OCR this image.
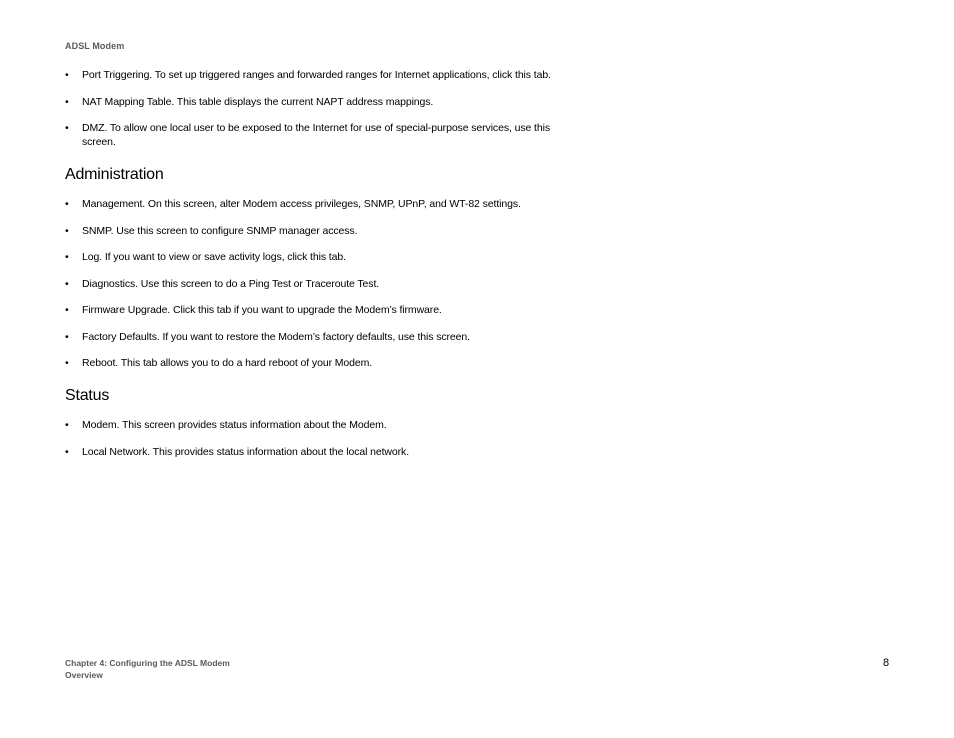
ADSL Modem
• Port Triggering. To set up triggered ranges and forwarded ranges for Internet applications, click this tab.
• NAT Mapping Table. This table displays the current NAPT address mappings.
• DMZ. To allow one local user to be exposed to the Internet for use of special-purpose services, use this screen.
Administration
• Management. On this screen, alter Modem access privileges, SNMP, UPnP, and WT-82 settings.
• SNMP. Use this screen to configure SNMP manager access.
• Log. If you want to view or save activity logs, click this tab.
• Diagnostics. Use this screen to do a Ping Test or Traceroute Test.
• Firmware Upgrade. Click this tab if you want to upgrade the Modem’s firmware.
• Factory Defaults. If you want to restore the Modem’s factory defaults, use this screen.
• Reboot. This tab allows you to do a hard reboot of your Modem.
Status
• Modem. This screen provides status information about the Modem.
• Local Network. This provides status information about the local network.
Chapter 4: Configuring the ADSL Modem
Overview
8
